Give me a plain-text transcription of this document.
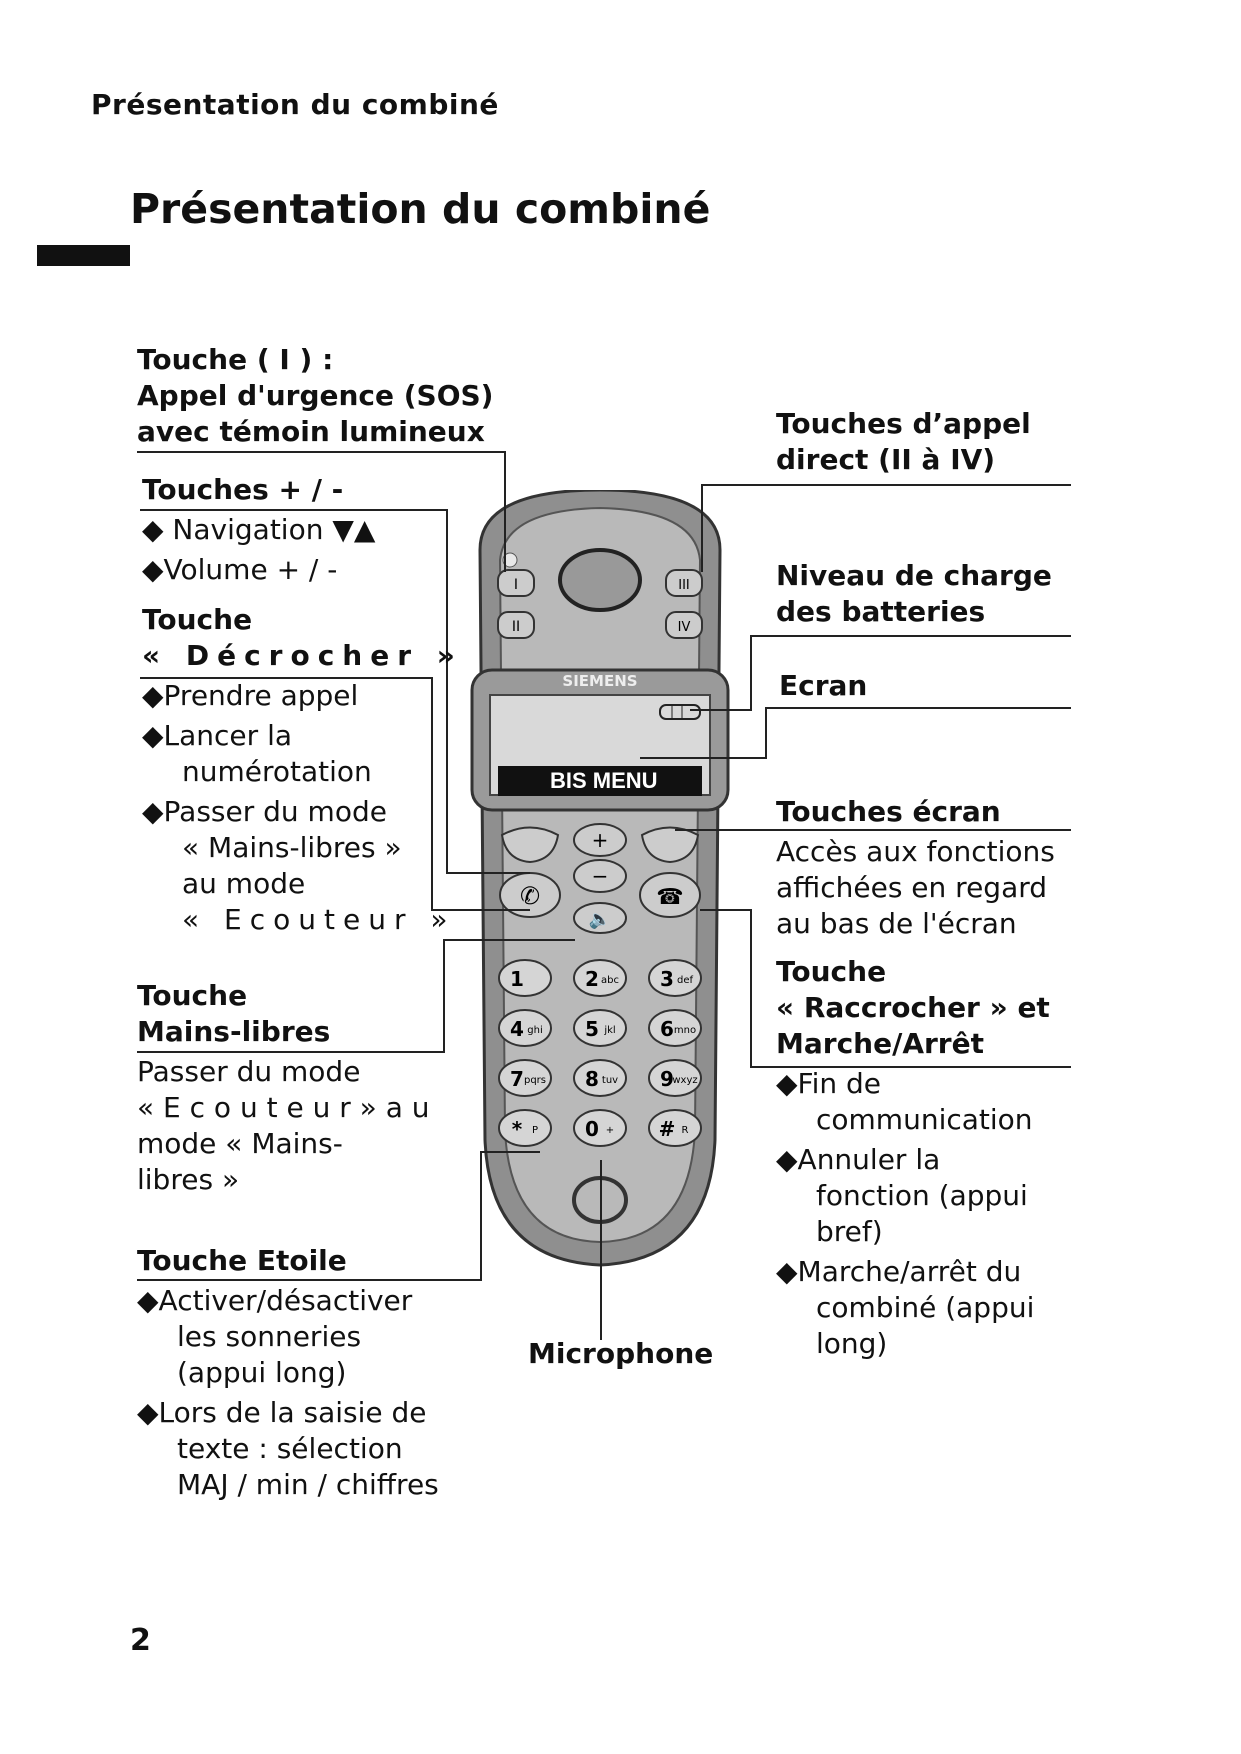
Présentation du combiné
Présentation du combiné
I
II
III
IV
SIEMENS
BIS MENU
+
−
✆	☎
🔈
1	2 abc 3 def
4 ghi 5 jkl 6 mno
7 pqrs 8 tuv 9
wxyz
* P 0 + # R
Touche ( I ) :
Appel d'urgence (SOS)
avec témoin lumineux
Touches + / -
◆ Navigation ▼▲
◆Volume + / -
Touche
« Décrocher »
◆Prendre appel
◆Lancer la
numérotation
◆Passer du mode
« Mains-libres »
au mode
« Ecouteur »
Touche
Mains-libres
Passer du mode
« E c o u t e u r » a u
mode « Mains-
libres »
Touche Etoile
◆Activer/désactiver
les sonneries
(appui long)
◆Lors de la saisie de
texte : sélection
MAJ / min / chiffres
Touches d’appel
direct (II à IV)
Niveau de charge
des batteries
Ecran
Touches écran
Accès aux fonctions
affichées en regard
au bas de l'écran
Touche
« Raccrocher » et
Marche/Arrêt
◆Fin de
communication
◆Annuler la
fonction (appui
bref)
◆Marche/arrêt du
combiné (appui
long)
Microphone
2
